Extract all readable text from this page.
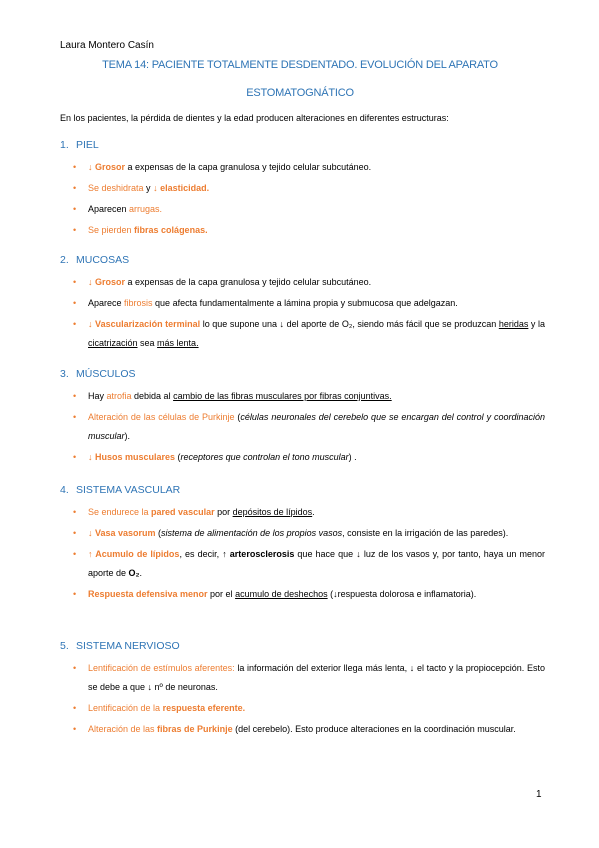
Laura Montero Casín
TEMA 14: PACIENTE TOTALMENTE DESDENTADO. EVOLUCIÓN DEL APARATO
ESTOMATOGNÁTICO
En los pacientes, la pérdida de dientes y la edad producen alteraciones en diferentes estructuras:
1. PIEL
• ↓ Grosor a expensas de la capa granulosa y tejido celular subcutáneo.
• Se deshidrata y ↓ elasticidad.
• Aparecen arrugas.
• Se pierden fibras colágenas.
2. MUCOSAS
• ↓ Grosor a expensas de la capa granulosa y tejido celular subcutáneo.
• Aparece fibrosis que afecta fundamentalmente a lámina propia y submucosa que adelgazan.
• ↓ Vascularización terminal lo que supone una ↓ del aporte de O₂, siendo más fácil que se produzcan heridas y la cicatrización sea más lenta.
3. MÚSCULOS
• Hay atrofia debida al cambio de las fibras musculares por fibras conjuntivas.
• Alteración de las células de Purkinje (células neuronales del cerebelo que se encargan del control y coordinación muscular).
• ↓ Husos musculares (receptores que controlan el tono muscular) .
4. SISTEMA VASCULAR
• Se endurece la pared vascular por depósitos de lípidos.
• ↓ Vasa vasorum (sistema de alimentación de los propios vasos, consiste en la irrigación de las paredes).
• ↑ Acumulo de lípidos, es decir, ↑ arterosclerosis que hace que ↓ luz de los vasos y, por tanto, haya un menor aporte de O₂.
• Respuesta defensiva menor por el acumulo de deshechos (↓respuesta dolorosa e inflamatoria).
5. SISTEMA NERVIOSO
• Lentificación de estímulos aferentes: la información del exterior llega más lenta, ↓ el tacto y la propiocepción. Esto se debe a que ↓ nº de neuronas.
• Lentificación de la respuesta eferente.
• Alteración de las fibras de Purkinje (del cerebelo). Esto produce alteraciones en la coordinación muscular.
1
